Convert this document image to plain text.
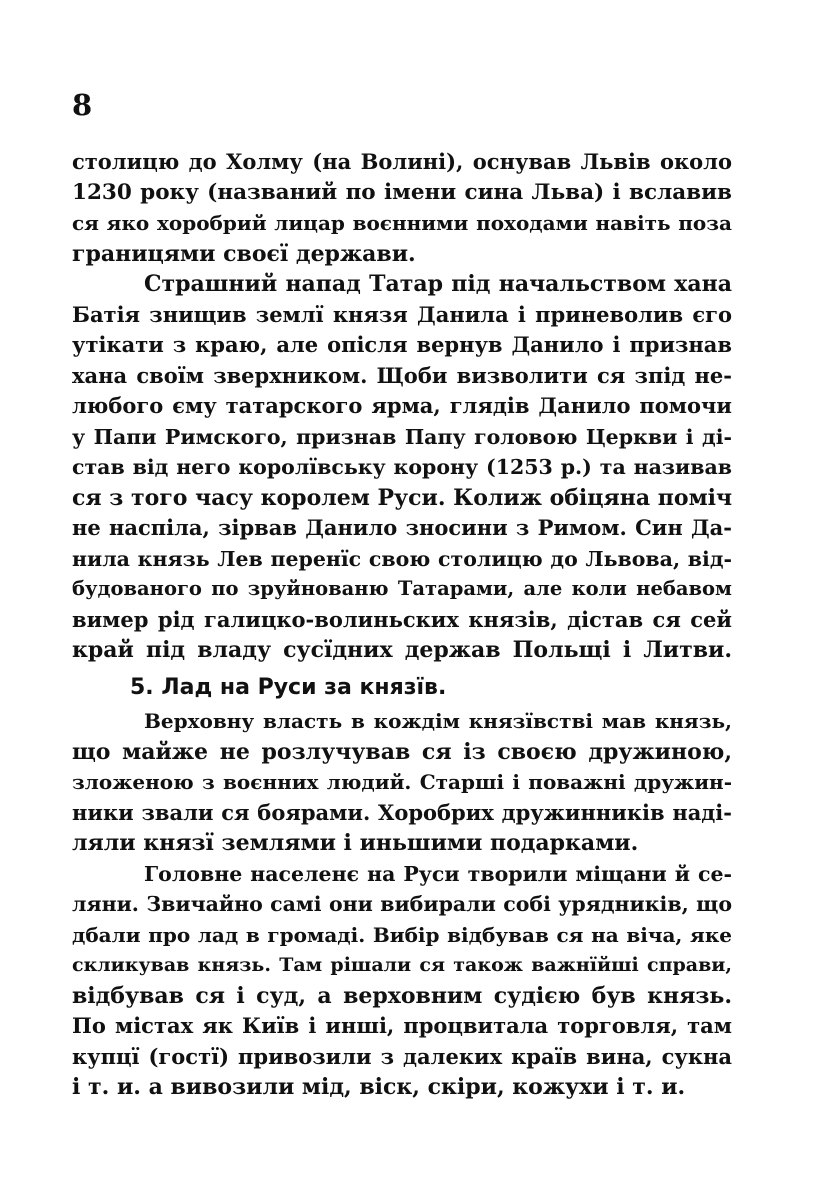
8
столицю до Холму (на Волині), оснував Львів около
1230 року (названий по імени сина Льва) і вславив
ся яко хоробрий лицар воєнними походами навіть поза
границями своєї держави.
Страшний напад Татар під начальством хана
Батія знищив землї князя Данила і приневолив єго
утікати з краю, але опісля вернув Данило і признав
хана своїм зверхником. Щоби визволити ся зпід не-
любого єму татарского ярма, глядів Данило помочи
у Папи Римского, признав Папу головою Церкви і ді-
став від него королївську корону (1253 р.) та називав
ся з того часу королем Руси. Колиж обіцяна поміч
не наспіла, зірвав Данило зносини з Римом. Син Да-
нила князь Лев перенїс свою столицю до Львова, від-
будованого по зруйнованю Татарами, але коли небавом
вимер рід галицко-волиньских князів, дістав ся сей
край під владу сусїдних держав Польщі і Литви.
5. Лад на Руси за князїв.
Верховну власть в кождім князївстві мав князь,
що майже не розлучував ся із своєю дружиною,
зложеною з воєнних людий. Старші і поважні дружин-
ники звали ся боярами. Хоробрих дружинників наді-
ляли князї землями і иньшими подарками.
Головне населенє на Руси творили міщани й се-
ляни. Звичайно самі они вибирали собі урядників, що
дбали про лад в громаді. Вибір відбував ся на віча, яке
скликував князь. Там рішали ся також важнїйші справи,
відбував ся і суд, а верховним судією був князь.
По містах як Київ і инші, процвитала торговля, там
купцї (гостї) привозили з далеких країв вина, сукна
і т. и. а вивозили мід, віск, скіри, кожухи і т. и.
